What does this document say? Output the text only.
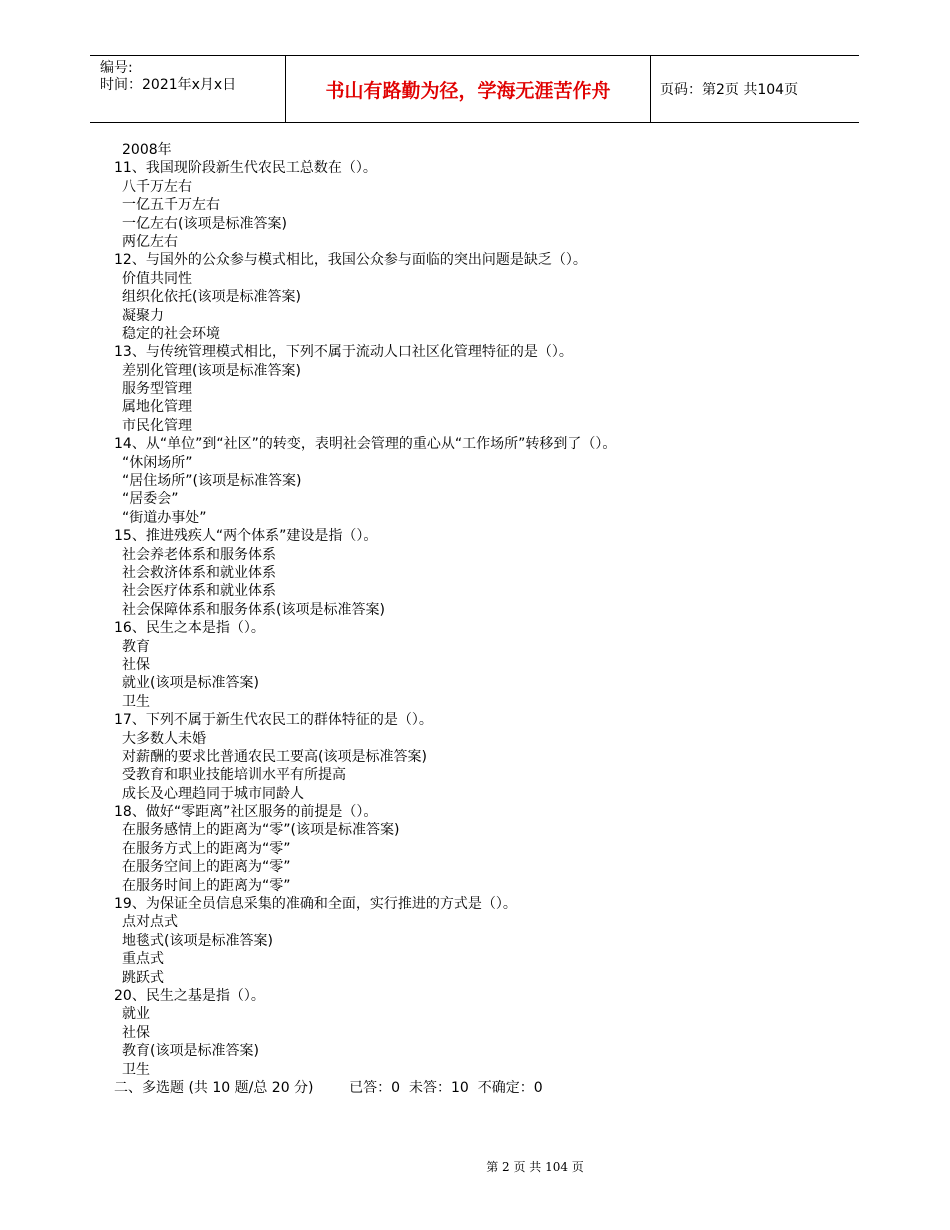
编号:
时间：2021年x月x日	书山有路勤为径，学海无涯苦作舟	页码：第2页 共104页
2008年
11、我国现阶段新生代农民工总数在（）。
八千万左右
一亿五千万左右
一亿左右(该项是标准答案)
两亿左右
12、与国外的公众参与模式相比，我国公众参与面临的突出问题是缺乏（）。
价值共同性
组织化依托(该项是标准答案)
凝聚力
稳定的社会环境
13、与传统管理模式相比，下列不属于流动人口社区化管理特征的是（）。
差别化管理(该项是标准答案)
服务型管理
属地化管理
市民化管理
14、从“单位”到“社区”的转变，表明社会管理的重心从“工作场所”转移到了（）。
“休闲场所”
“居住场所”(该项是标准答案)
“居委会”
“街道办事处”
15、推进残疾人“两个体系”建设是指（）。
社会养老体系和服务体系
社会救济体系和就业体系
社会医疗体系和就业体系
社会保障体系和服务体系(该项是标准答案)
16、民生之本是指（）。
教育
社保
就业(该项是标准答案)
卫生
17、下列不属于新生代农民工的群体特征的是（）。
大多数人未婚
对薪酬的要求比普通农民工要高(该项是标准答案)
受教育和职业技能培训水平有所提高
成长及心理趋同于城市同龄人
18、做好“零距离”社区服务的前提是（）。
在服务感情上的距离为“零”(该项是标准答案)
在服务方式上的距离为“零”
在服务空间上的距离为“零”
在服务时间上的距离为“零”
19、为保证全员信息采集的准确和全面，实行推进的方式是（）。
点对点式
地毯式(该项是标准答案)
重点式
跳跃式
20、民生之基是指（）。
就业
社保
教育(该项是标准答案)
卫生
二、多选题 (共 10 题/总 20 分)	已答：0 未答：10 不确定：0
第 2 页 共 104 页
